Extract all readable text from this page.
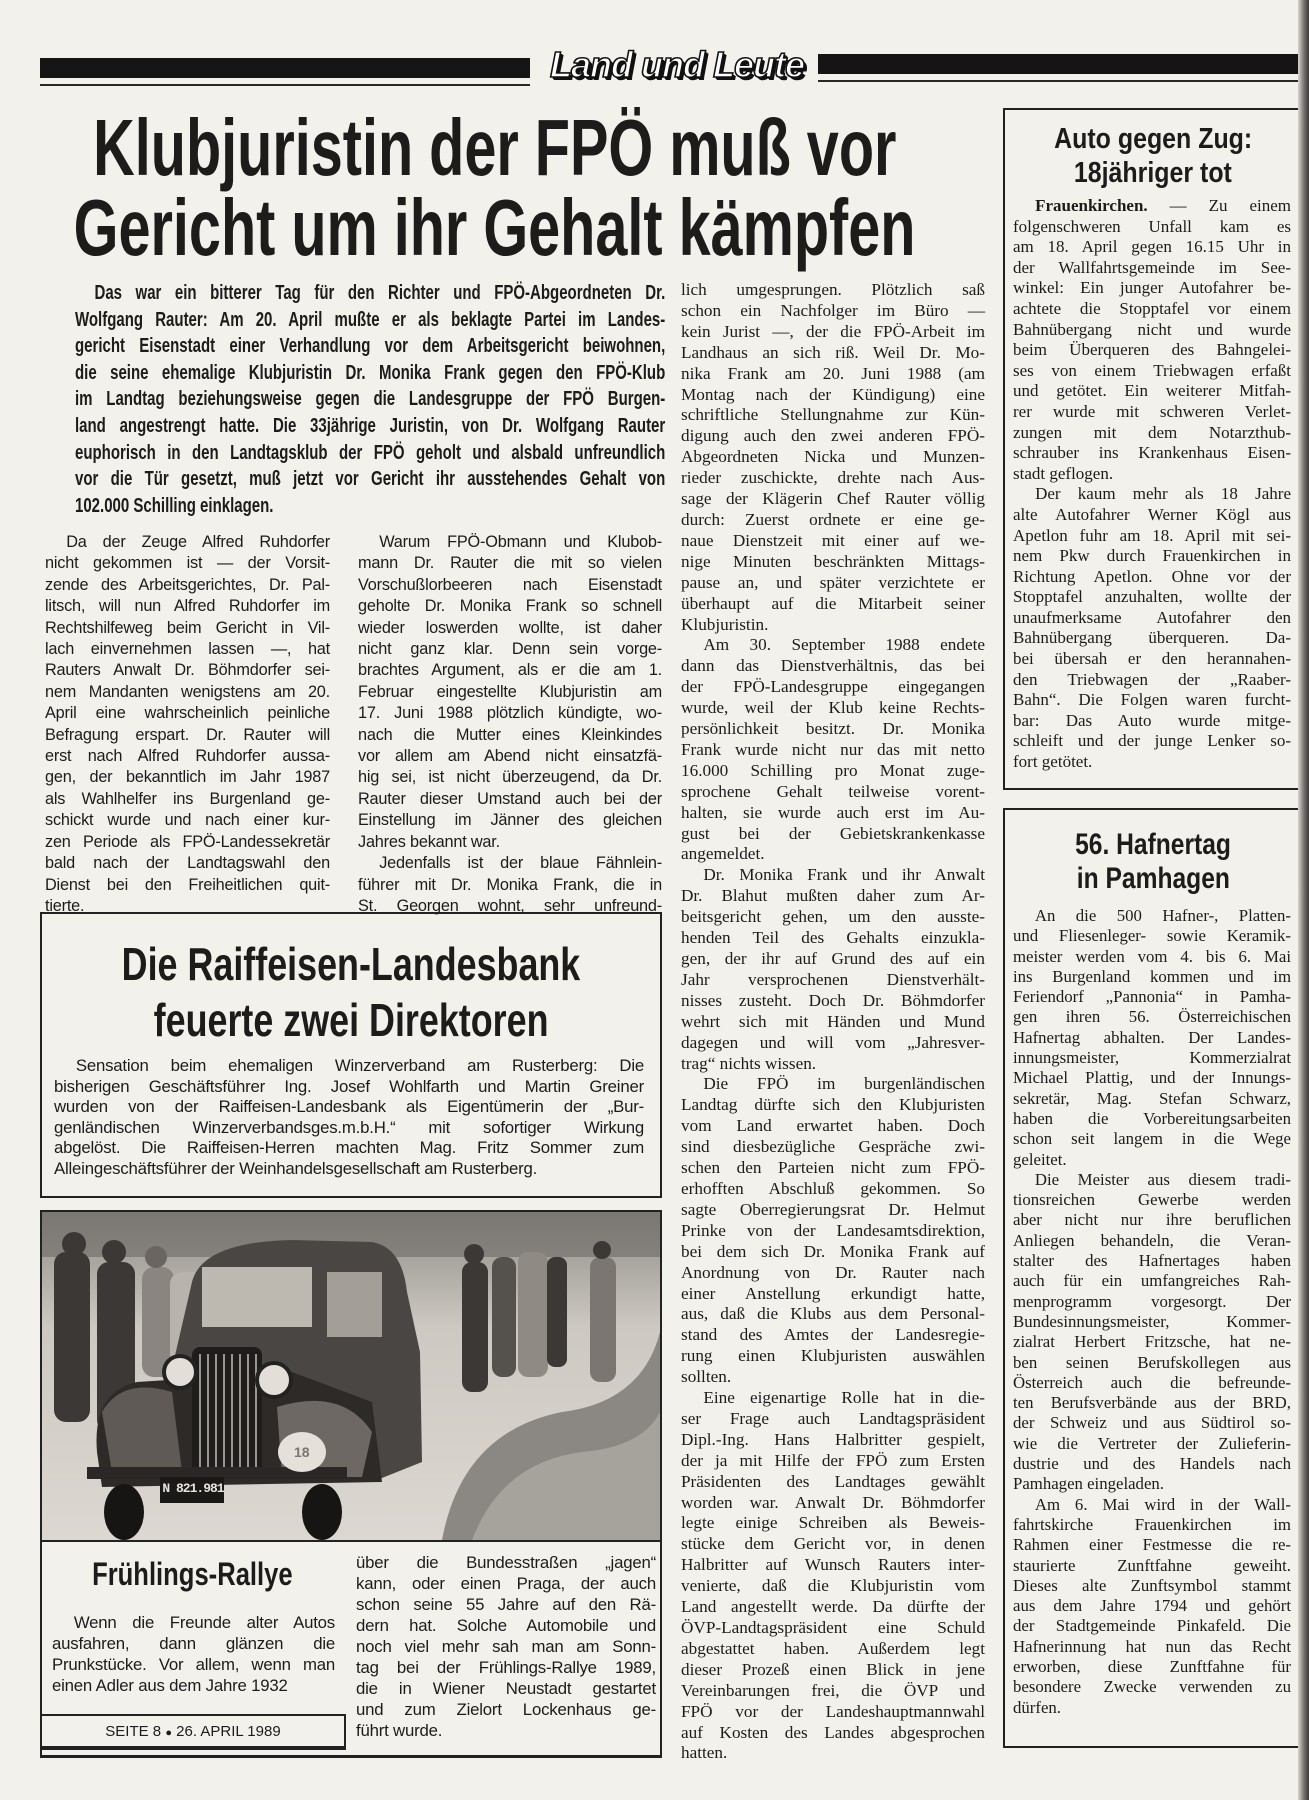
Land und Leute
Klubjuristin der FPÖ muß vor
Gericht um ihr Gehalt kämpfen
Das war ein bitterer Tag für den Richter und FPÖ-Abgeordneten Dr.
Wolfgang Rauter: Am 20. April mußte er als beklagte Partei im Landes-
gericht Eisenstadt einer Verhandlung vor dem Arbeitsgericht beiwohnen,
die seine ehemalige Klubjuristin Dr. Monika Frank gegen den FPÖ-Klub
im Landtag beziehungsweise gegen die Landesgruppe der FPÖ Burgen-
land angestrengt hatte. Die 33jährige Juristin, von Dr. Wolfgang Rauter
euphorisch in den Landtagsklub der FPÖ geholt und alsbald unfreundlich
vor die Tür gesetzt, muß jetzt vor Gericht ihr ausstehendes Gehalt von
102.000 Schilling einklagen.
Da der Zeuge Alfred Ruhdorfer
nicht gekommen ist — der Vorsit-
zende des Arbeitsgerichtes, Dr. Pal-
litsch, will nun Alfred Ruhdorfer im
Rechtshilfeweg beim Gericht in Vil-
lach einvernehmen lassen —, hat
Rauters Anwalt Dr. Böhmdorfer sei-
nem Mandanten wenigstens am 20.
April eine wahrscheinlich peinliche
Befragung erspart. Dr. Rauter will
erst nach Alfred Ruhdorfer aussa-
gen, der bekanntlich im Jahr 1987
als Wahlhelfer ins Burgenland ge-
schickt wurde und nach einer kur-
zen Periode als FPÖ-Landessekretär
bald nach der Landtagswahl den
Dienst bei den Freiheitlichen quit-
tierte.
Warum FPÖ-Obmann und Klubob-
mann Dr. Rauter die mit so vielen
Vorschußlorbeeren nach Eisenstadt
geholte Dr. Monika Frank so schnell
wieder loswerden wollte, ist daher
nicht ganz klar. Denn sein vorge-
brachtes Argument, als er die am 1.
Februar eingestellte Klubjuristin am
17. Juni 1988 plötzlich kündigte, wo-
nach die Mutter eines Kleinkindes
vor allem am Abend nicht einsatzfä-
hig sei, ist nicht überzeugend, da Dr.
Rauter dieser Umstand auch bei der
Einstellung im Jänner des gleichen
Jahres bekannt war.
Jedenfalls ist der blaue Fähnlein-
führer mit Dr. Monika Frank, die in
St. Georgen wohnt, sehr unfreund-
lich umgesprungen. Plötzlich saß
schon ein Nachfolger im Büro —
kein Jurist —, der die FPÖ-Arbeit im
Landhaus an sich riß. Weil Dr. Mo-
nika Frank am 20. Juni 1988 (am
Montag nach der Kündigung) eine
schriftliche Stellungnahme zur Kün-
digung auch den zwei anderen FPÖ-
Abgeordneten Nicka und Munzen-
rieder zuschickte, drehte nach Aus-
sage der Klägerin Chef Rauter völlig
durch: Zuerst ordnete er eine ge-
naue Dienstzeit mit einer auf we-
nige Minuten beschränkten Mittags-
pause an, und später verzichtete er
überhaupt auf die Mitarbeit seiner
Klubjuristin.
Am 30. September 1988 endete
dann das Dienstverhältnis, das bei
der FPÖ-Landesgruppe eingegangen
wurde, weil der Klub keine Rechts-
persönlichkeit besitzt. Dr. Monika
Frank wurde nicht nur das mit netto
16.000 Schilling pro Monat zuge-
sprochene Gehalt teilweise vorent-
halten, sie wurde auch erst im Au-
gust bei der Gebietskrankenkasse
angemeldet.
Dr. Monika Frank und ihr Anwalt
Dr. Blahut mußten daher zum Ar-
beitsgericht gehen, um den ausste-
henden Teil des Gehalts einzukla-
gen, der ihr auf Grund des auf ein
Jahr versprochenen Dienstverhält-
nisses zusteht. Doch Dr. Böhmdorfer
wehrt sich mit Händen und Mund
dagegen und will vom „Jahresver-
trag“ nichts wissen.
Die FPÖ im burgenländischen
Landtag dürfte sich den Klubjuristen
vom Land erwartet haben. Doch
sind diesbezügliche Gespräche zwi-
schen den Parteien nicht zum FPÖ-
erhofften Abschluß gekommen. So
sagte Oberregierungsrat Dr. Helmut
Prinke von der Landesamtsdirektion,
bei dem sich Dr. Monika Frank auf
Anordnung von Dr. Rauter nach
einer Anstellung erkundigt hatte,
aus, daß die Klubs aus dem Personal-
stand des Amtes der Landesregie-
rung einen Klubjuristen auswählen
sollten.
Eine eigenartige Rolle hat in die-
ser Frage auch Landtagspräsident
Dipl.-Ing. Hans Halbritter gespielt,
der ja mit Hilfe der FPÖ zum Ersten
Präsidenten des Landtages gewählt
worden war. Anwalt Dr. Böhmdorfer
legte einige Schreiben als Beweis-
stücke dem Gericht vor, in denen
Halbritter auf Wunsch Rauters inter-
venierte, daß die Klubjuristin vom
Land angestellt werde. Da dürfte der
ÖVP-Landtagspräsident eine Schuld
abgestattet haben. Außerdem legt
dieser Prozeß einen Blick in jene
Vereinbarungen frei, die ÖVP und
FPÖ vor der Landeshauptmannwahl
auf Kosten des Landes abgesprochen
hatten.
Die Raiffeisen-Landesbank
feuerte zwei Direktoren
Sensation beim ehemaligen Winzerverband am Rusterberg: Die
bisherigen Geschäftsführer Ing. Josef Wohlfarth und Martin Greiner
wurden von der Raiffeisen-Landesbank als Eigentümerin der „Bur-
genländischen Winzerverbandsges.m.b.H.“ mit sofortiger Wirkung
abgelöst. Die Raiffeisen-Herren machten Mag. Fritz Sommer zum
Alleingeschäftsführer der Weinhandelsgesellschaft am Rusterberg.
N 821.981
18
Frühlings-Rallye
Wenn die Freunde alter Autos
ausfahren, dann glänzen die
Prunkstücke. Vor allem, wenn man
einen Adler aus dem Jahre 1932
über die Bundesstraßen „jagen“
kann, oder einen Praga, der auch
schon seine 55 Jahre auf den Rä-
dern hat. Solche Automobile und
noch viel mehr sah man am Sonn-
tag bei der Frühlings-Rallye 1989,
die in Wiener Neustadt gestartet
und zum Zielort Lockenhaus ge-
führt wurde.
SEITE 8 ● 26. APRIL 1989
Auto gegen Zug:
18jähriger tot
Frauenkirchen. — Zu einem
folgenschweren Unfall kam es
am 18. April gegen 16.15 Uhr in
der Wallfahrtsgemeinde im See-
winkel: Ein junger Autofahrer be-
achtete die Stopptafel vor einem
Bahnübergang nicht und wurde
beim Überqueren des Bahngelei-
ses von einem Triebwagen erfaßt
und getötet. Ein weiterer Mitfah-
rer wurde mit schweren Verlet-
zungen mit dem Notarzthub-
schrauber ins Krankenhaus Eisen-
stadt geflogen.
Der kaum mehr als 18 Jahre
alte Autofahrer Werner Kögl aus
Apetlon fuhr am 18. April mit sei-
nem Pkw durch Frauenkirchen in
Richtung Apetlon. Ohne vor der
Stopptafel anzuhalten, wollte der
unaufmerksame Autofahrer den
Bahnübergang überqueren. Da-
bei übersah er den herannahen-
den Triebwagen der „Raaber-
Bahn“. Die Folgen waren furcht-
bar: Das Auto wurde mitge-
schleift und der junge Lenker so-
fort getötet.
56. Hafnertag
in Pamhagen
An die 500 Hafner-, Platten-
und Fliesenleger- sowie Keramik-
meister werden vom 4. bis 6. Mai
ins Burgenland kommen und im
Feriendorf „Pannonia“ in Pamha-
gen ihren 56. Österreichischen
Hafnertag abhalten. Der Landes-
innungsmeister, Kommerzialrat
Michael Plattig, und der Innungs-
sekretär, Mag. Stefan Schwarz,
haben die Vorbereitungsarbeiten
schon seit langem in die Wege
geleitet.
Die Meister aus diesem tradi-
tionsreichen Gewerbe werden
aber nicht nur ihre beruflichen
Anliegen behandeln, die Veran-
stalter des Hafnertages haben
auch für ein umfangreiches Rah-
menprogramm vorgesorgt. Der
Bundesinnungsmeister, Kommer-
zialrat Herbert Fritzsche, hat ne-
ben seinen Berufskollegen aus
Österreich auch die befreunde-
ten Berufsverbände aus der BRD,
der Schweiz und aus Südtirol so-
wie die Vertreter der Zulieferin-
dustrie und des Handels nach
Pamhagen eingeladen.
Am 6. Mai wird in der Wall-
fahrtskirche Frauenkirchen im
Rahmen einer Festmesse die re-
staurierte Zunftfahne geweiht.
Dieses alte Zunftsymbol stammt
aus dem Jahre 1794 und gehört
der Stadtgemeinde Pinkafeld. Die
Hafnerinnung hat nun das Recht
erworben, diese Zunftfahne für
besondere Zwecke verwenden zu
dürfen.
